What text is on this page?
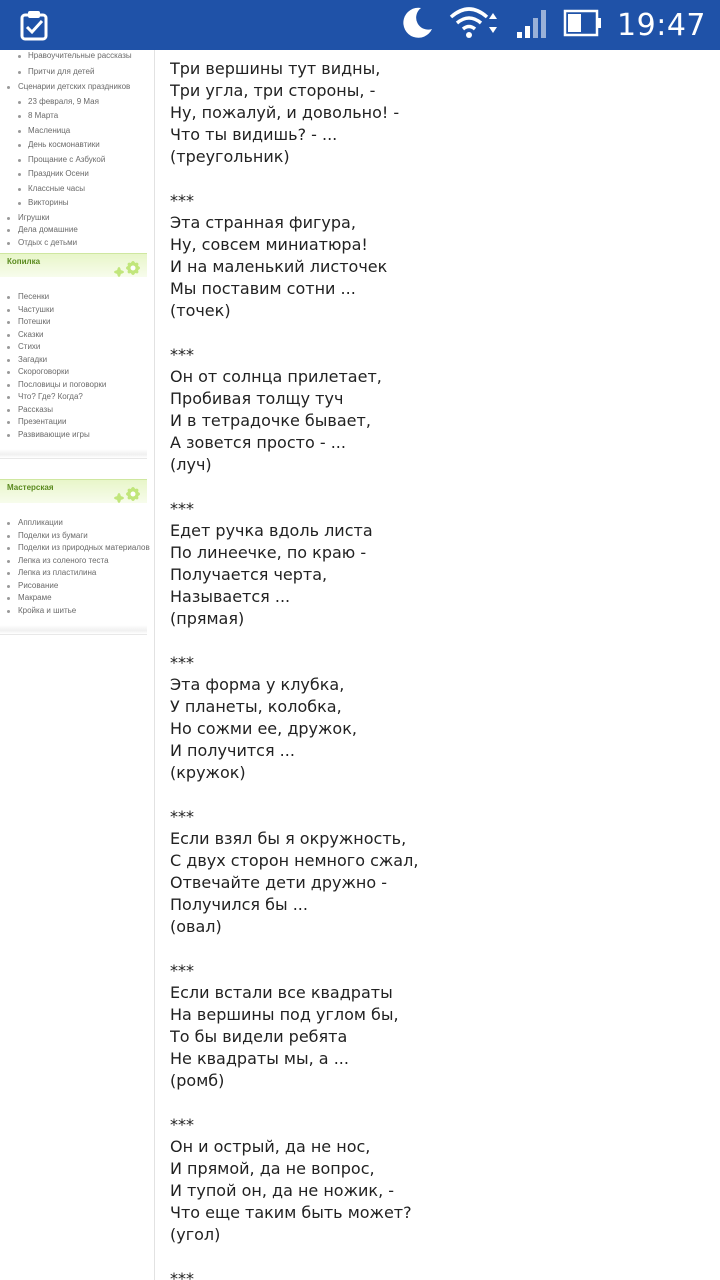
19:47
Нравоучительные рассказы
Притчи для детей
Сценарии детских праздников
23 февраля, 9 Мая
8 Марта
Масленица
День космонавтики
Прощание с Азбукой
Праздник Осени
Классные часы
Викторины
Игрушки
Дела домашние
Отдых с детьми
Копилка
Песенки
Частушки
Потешки
Сказки
Стихи
Загадки
Скороговорки
Пословицы и поговорки
Что? Где? Когда?
Рассказы
Презентации
Развивающие игры
Мастерская
Аппликации
Поделки из бумаги
Поделки из природных материалов
Лепка из соленого теста
Лепка из пластилина
Рисование
Макраме
Кройка и шитье
Три вершины тут видны,
Три угла, три стороны, -
Ну, пожалуй, и довольно! -
Что ты видишь? - ...
(треугольник)
***
Эта странная фигура,
Ну, совсем миниатюра!
И на маленький листочек
Мы поставим сотни ...
(точек)
***
Он от солнца прилетает,
Пробивая толщу туч
И в тетрадочке бывает,
А зовется просто - ...
(луч)
***
Едет ручка вдоль листа
По линеечке, по краю -
Получается черта,
Называется ...
(прямая)
***
Эта форма у клубка,
У планеты, колобка,
Но сожми ее, дружок,
И получится ...
(кружок)
***
Если взял бы я окружность,
С двух сторон немного сжал,
Отвечайте дети дружно -
Получился бы ...
(овал)
***
Если встали все квадраты
На вершины под углом бы,
То бы видели ребята
Не квадраты мы, а ...
(ромб)
***
Он и острый, да не нос,
И прямой, да не вопрос,
И тупой он, да не ножик, -
Что еще таким быть может?
(угол)
***
